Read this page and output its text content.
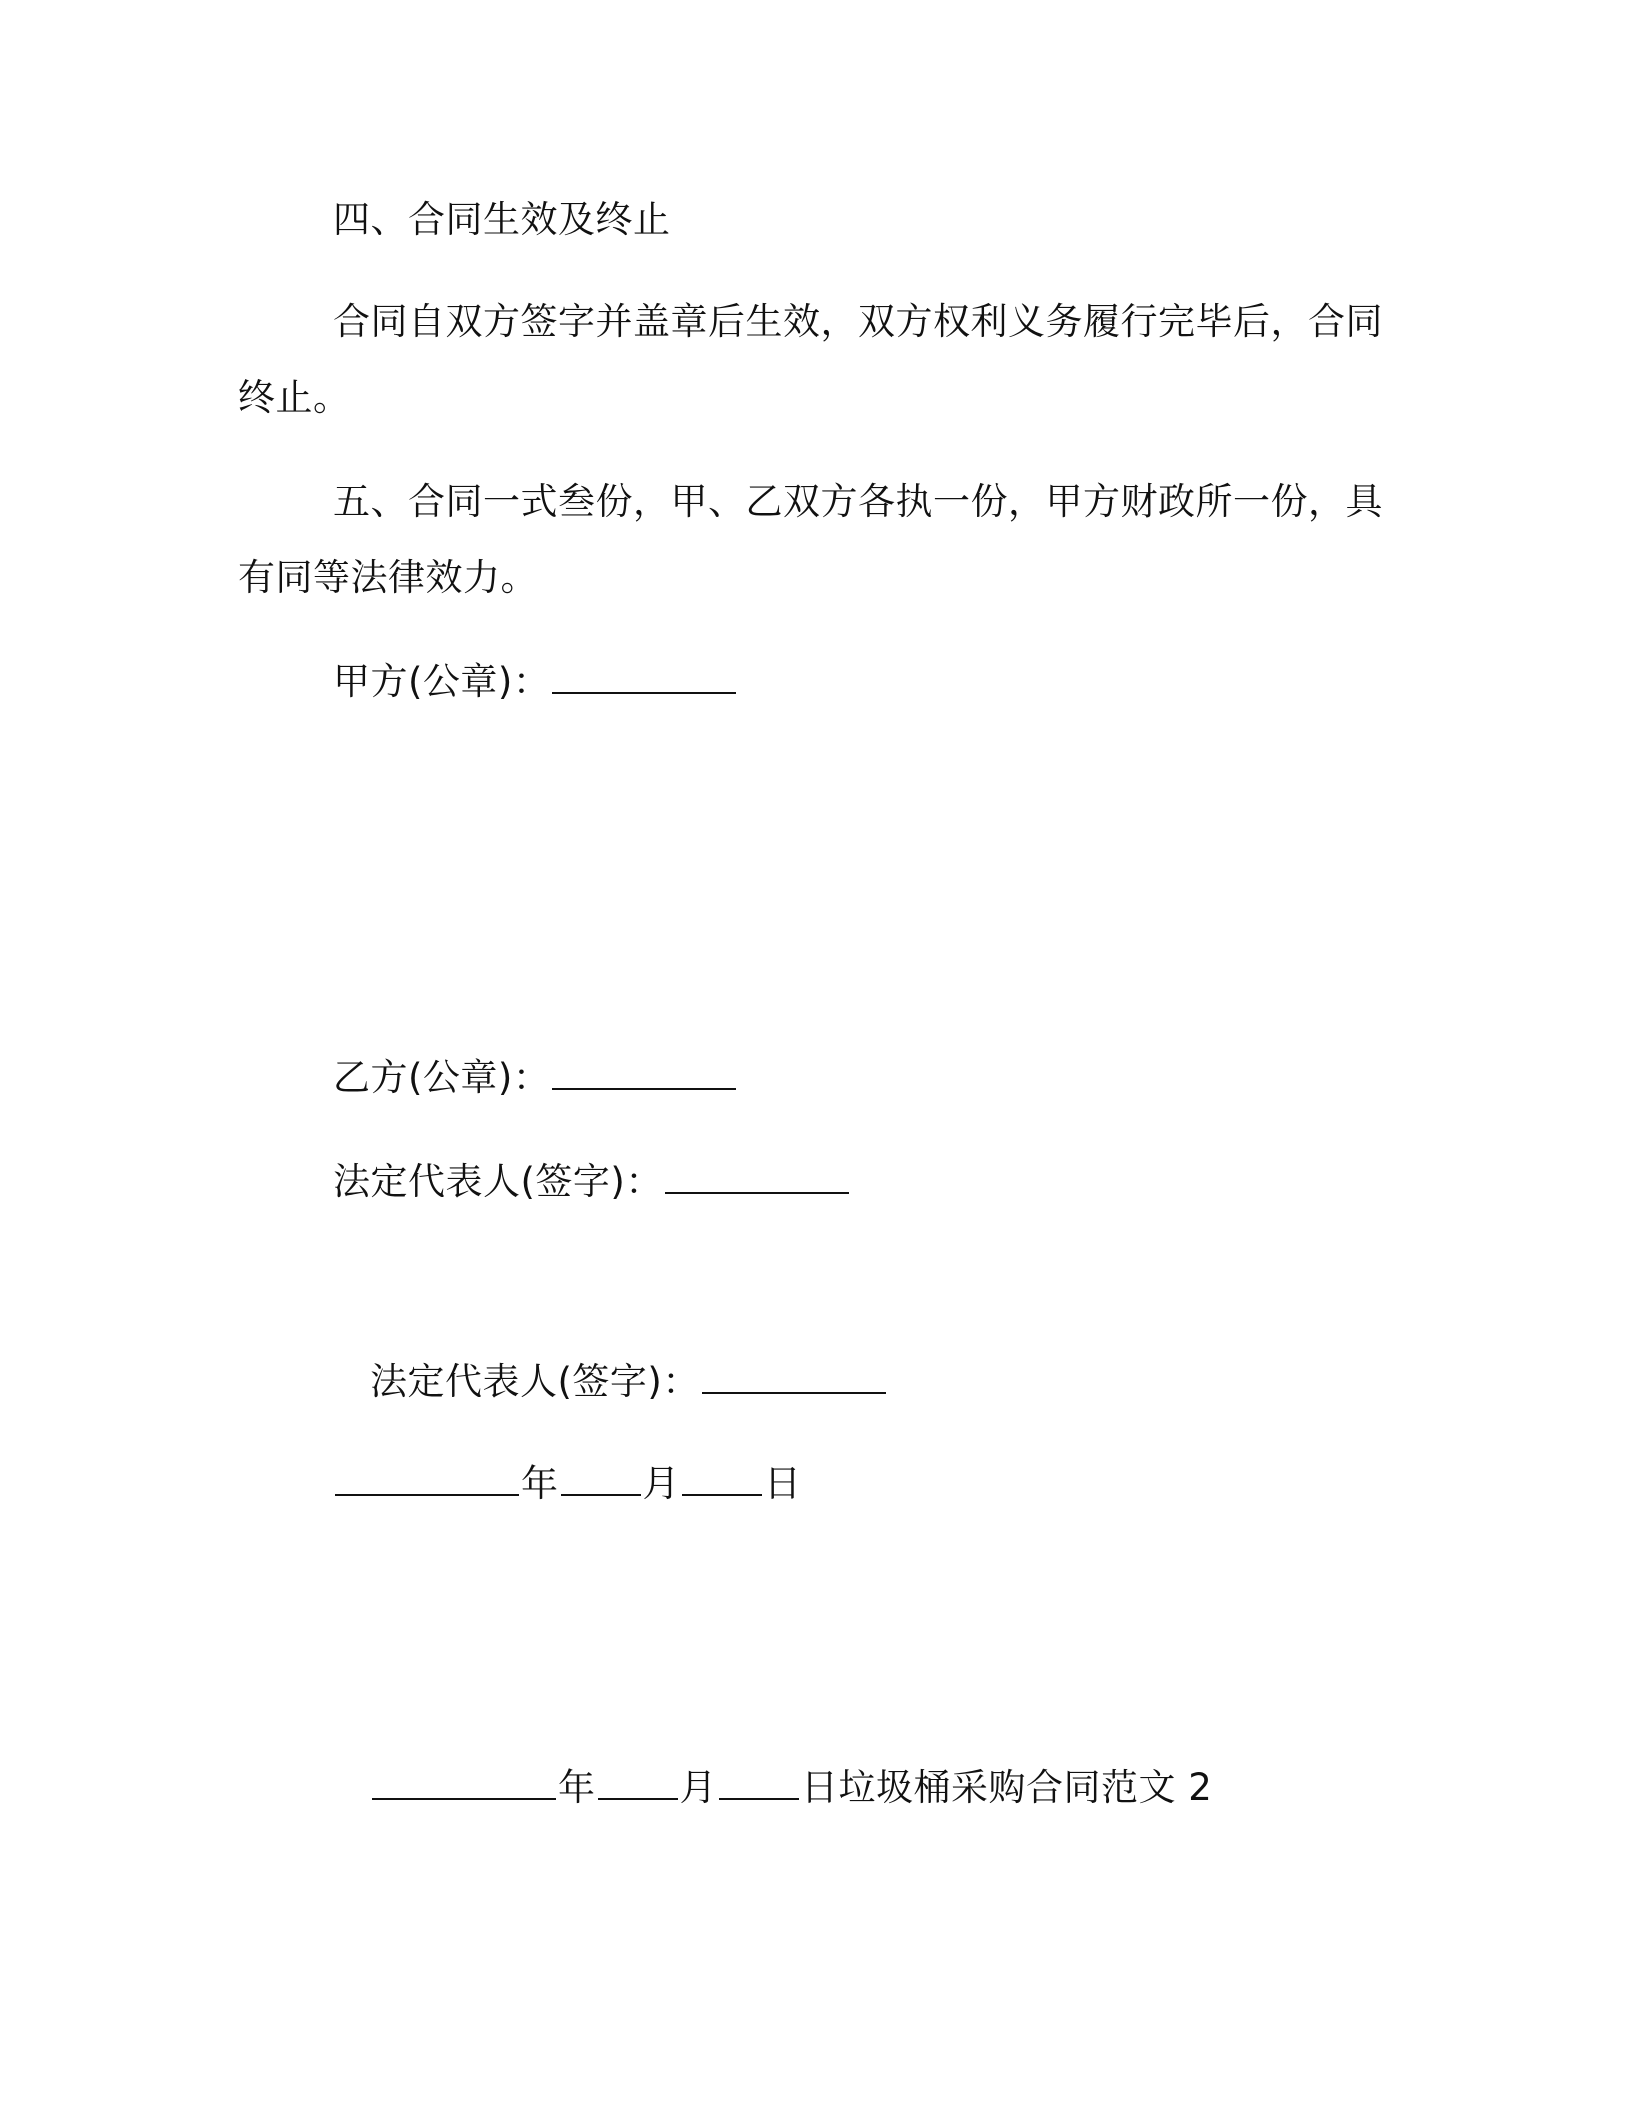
四、合同生效及终止
合同自双方签字并盖章后生效，双方权利义务履行完毕后，合同
终止。
五、合同一式叁份，甲、乙双方各执一份，甲方财政所一份，具
有同等法律效力。
甲方(公章)：
乙方(公章)：
法定代表人(签字)：
法定代表人(签字)：
年 月 日
年 月 日垃圾桶采购合同范文 2
